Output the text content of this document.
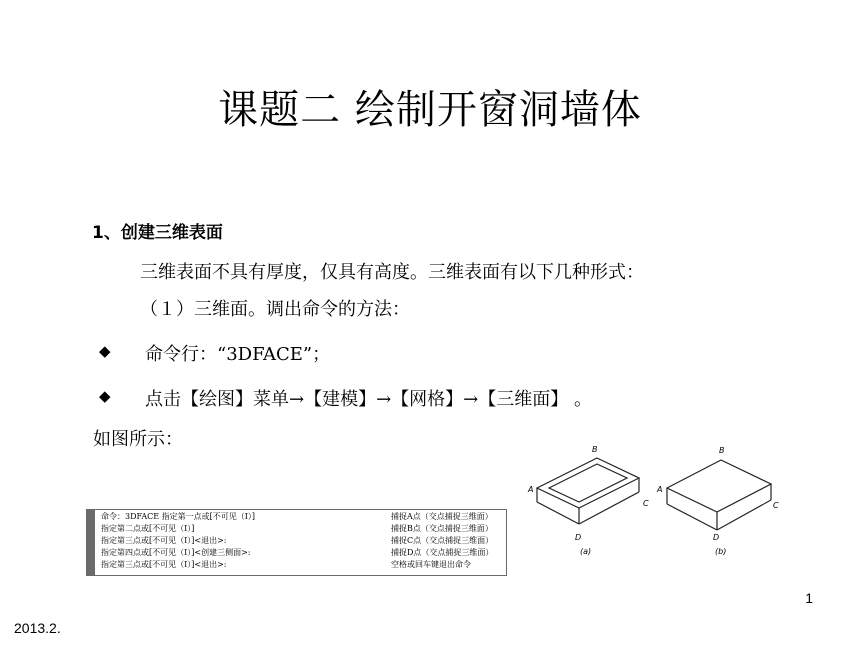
课题二 绘制开窗洞墙体
1、创建三维表面
三维表面不具有厚度，仅具有高度。三维表面有以下几种形式：
（１）三维面。调出命令的方法：
◆ 命令行：“3DFACE”；
◆ 点击【绘图】菜单→【建模】→【网格】→【三维面】 。
如图所示：
命令：3DFACE 指定第一点或[不可见（I）]	捕捉A点（交点捕捉三维面）
指定第二点或[不可见（I）]	捕捉B点（交点捕捉三维面）
指定第三点或[不可见（I）]<退出>:	捕捉C点（交点捕捉三维面）
指定第四点或[不可见（I）]<创建三侧面>:	捕捉D点（交点捕捉三维面）
指定第三点或[不可见（I）]<退出>:	空格或回车键退出命令
B
A
C
D
(a)
B
A
C
D
(b)
1
2013.2.
